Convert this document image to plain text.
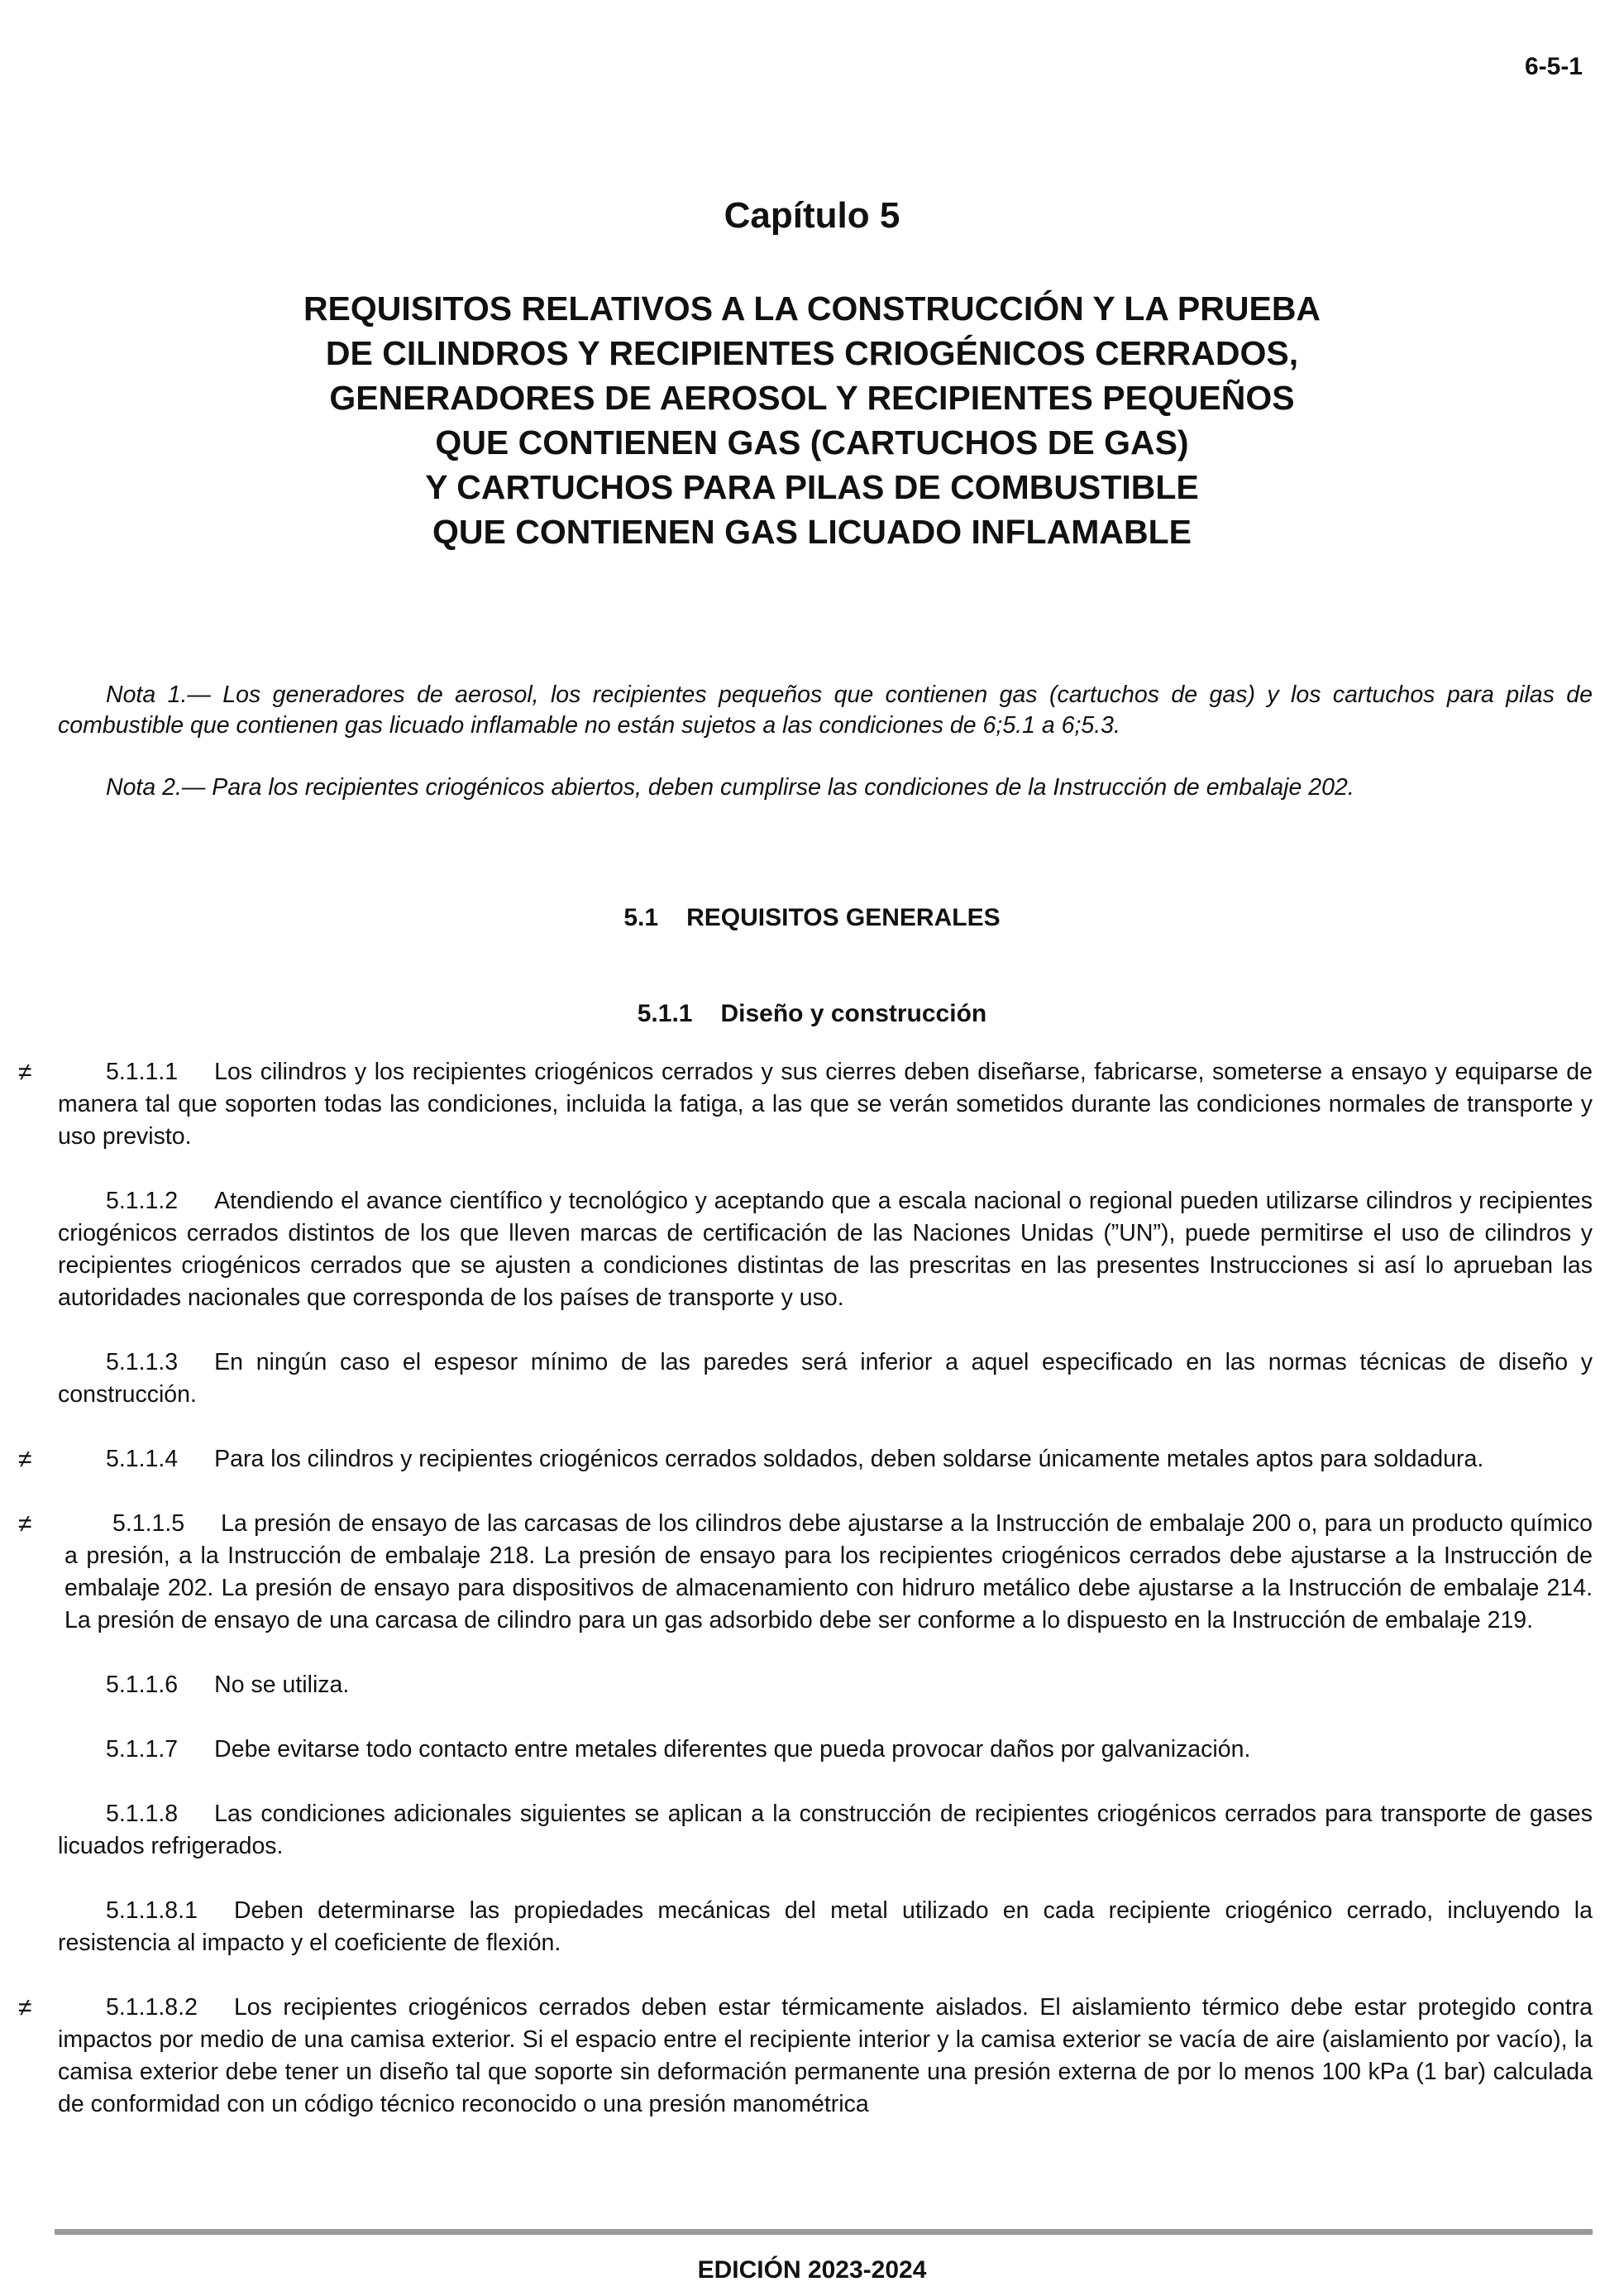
6-5-1
Capítulo 5
REQUISITOS RELATIVOS A LA CONSTRUCCIÓN Y LA PRUEBA
DE CILINDROS Y RECIPIENTES CRIOGÉNICOS CERRADOS,
GENERADORES DE AEROSOL Y RECIPIENTES PEQUEÑOS
QUE CONTIENEN GAS (CARTUCHOS DE GAS)
Y CARTUCHOS PARA PILAS DE COMBUSTIBLE
QUE CONTIENEN GAS LICUADO INFLAMABLE

Nota 1.— Los generadores de aerosol, los recipientes pequeños que contienen gas (cartuchos de gas) y los cartuchos para pilas de combustible que contienen gas licuado inflamable no están sujetos a las condiciones de 6;5.1 a 6;5.3.

Nota 2.— Para los recipientes criogénicos abiertos, deben cumplirse las condiciones de la Instrucción de embalaje 202.

5.1 REQUISITOS GENERALES
5.1.1 Diseño y construcción

≠	5.1.1.1 Los cilindros y los recipientes criogénicos cerrados y sus cierres deben diseñarse, fabricarse, someterse a ensayo y equiparse de manera tal que soporten todas las condiciones, incluida la fatiga, a las que se verán sometidos durante las condiciones normales de transporte y uso previsto.

5.1.1.2 Atendiendo el avance científico y tecnológico y aceptando que a escala nacional o regional pueden utilizarse cilindros y recipientes criogénicos cerrados distintos de los que lleven marcas de certificación de las Naciones Unidas (”UN”), puede permitirse el uso de cilindros y recipientes criogénicos cerrados que se ajusten a condiciones distintas de las prescritas en las presentes Instrucciones si así lo aprueban las autoridades nacionales que corresponda de los países de transporte y uso.

5.1.1.3 En ningún caso el espesor mínimo de las paredes será inferior a aquel especificado en las normas técnicas de diseño y construcción.

≠	5.1.1.4 Para los cilindros y recipientes criogénicos cerrados soldados, deben soldarse únicamente metales aptos para soldadura.

≠	5.1.1.5 La presión de ensayo de las carcasas de los cilindros debe ajustarse a la Instrucción de embalaje 200 o, para un producto químico a presión, a la Instrucción de embalaje 218. La presión de ensayo para los recipientes criogénicos cerrados debe ajustarse a la Instrucción de embalaje 202. La presión de ensayo para dispositivos de almacenamiento con hidruro metálico debe ajustarse a la Instrucción de embalaje 214. La presión de ensayo de una carcasa de cilindro para un gas adsorbido debe ser conforme a lo dispuesto en la Instrucción de embalaje 219.

5.1.1.6 No se utiliza.

5.1.1.7 Debe evitarse todo contacto entre metales diferentes que pueda provocar daños por galvanización.

5.1.1.8 Las condiciones adicionales siguientes se aplican a la construcción de recipientes criogénicos cerrados para transporte de gases licuados refrigerados.

5.1.1.8.1 Deben determinarse las propiedades mecánicas del metal utilizado en cada recipiente criogénico cerrado, incluyendo la resistencia al impacto y el coeficiente de flexión.

≠	5.1.1.8.2 Los recipientes criogénicos cerrados deben estar térmicamente aislados. El aislamiento térmico debe estar protegido contra impactos por medio de una camisa exterior. Si el espacio entre el recipiente interior y la camisa exterior se vacía de aire (aislamiento por vacío), la camisa exterior debe tener un diseño tal que soporte sin deformación permanente una presión externa de por lo menos 100 kPa (1 bar) calculada de conformidad con un código técnico reconocido o una presión manométrica

EDICIÓN 2023-2024
